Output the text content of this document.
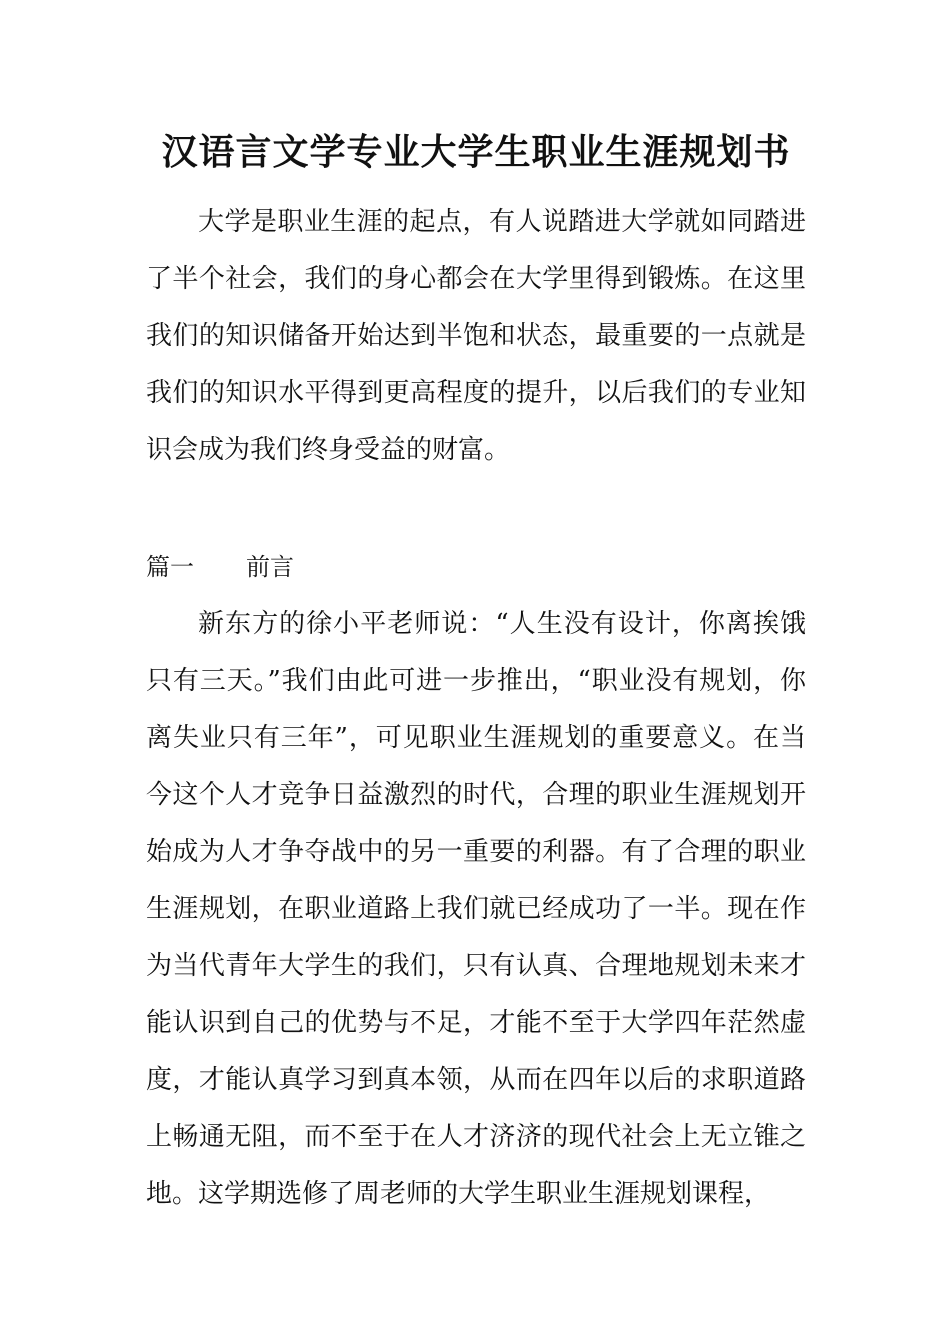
汉语言文学专业大学生职业生涯规划书

大学是职业生涯的起点，有人说踏进大学就如同踏进了半个社会，我们的身心都会在大学里得到锻炼。在这里我们的知识储备开始达到半饱和状态，最重要的一点就是我们的知识水平得到更高程度的提升，以后我们的专业知识会成为我们终身受益的财富。

篇一 前言

新东方的徐小平老师说：“人生没有设计，你离挨饿只有三天。”我们由此可进一步推出，“职业没有规划，你离失业只有三年”，可见职业生涯规划的重要意义。在当今这个人才竞争日益激烈的时代，合理的职业生涯规划开始成为人才争夺战中的另一重要的利器。有了合理的职业生涯规划，在职业道路上我们就已经成功了一半。现在作为当代青年大学生的我们，只有认真、合理地规划未来才能认识到自己的优势与不足，才能不至于大学四年茫然虚度，才能认真学习到真本领，从而在四年以后的求职道路上畅通无阻，而不至于在人才济济的现代社会上无立锥之地。这学期选修了周老师的大学生职业生涯规划课程，
